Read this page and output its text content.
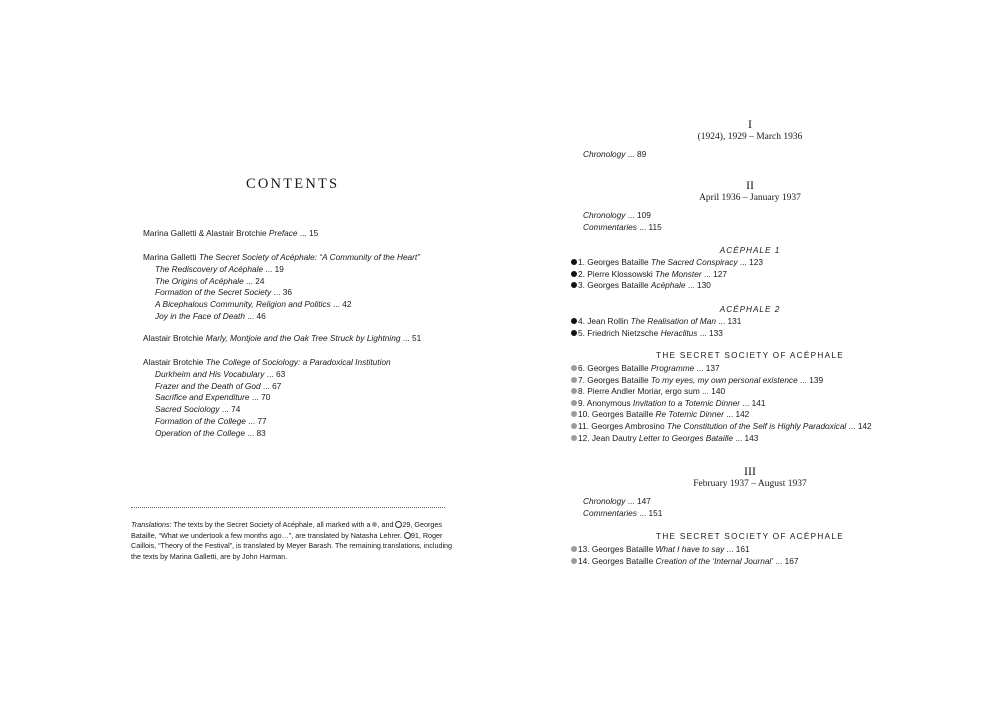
CONTENTS
Marina Galletti & Alastair Brotchie Preface ... 15
Marina Galletti The Secret Society of Acéphale: “A Community of the Heart”
The Rediscovery of Acéphale ... 19
The Origins of Acéphale ... 24
Formation of the Secret Society ... 36
A Bicephalous Community, Religion and Politics ... 42
Joy in the Face of Death ... 46
Alastair Brotchie Marly, Montjoie and the Oak Tree Struck by Lightning ... 51
Alastair Brotchie The College of Sociology: a Paradoxical Institution
Durkheim and His Vocabulary ... 63
Frazer and the Death of God ... 67
Sacrifice and Expenditure ... 70
Sacred Sociology ... 74
Formation of the College ... 77
Operation of the College ... 83
Translations: The texts by the Secret Society of Acéphale, all marked with a , and 29, Georges Bataille, “What we undertook a few months ago…”, are translated by Natasha Lehrer. 91, Roger Caillois, “Theory of the Festival”, is translated by Meyer Barash. The remaining translations, including the texts by Marina Galletti, are by John Harman.
I
(1924), 1929 – March 1936
Chronology ... 89
II
April 1936 – January 1937
Chronology ... 109
Commentaries ... 115
ACÉPHALE 1
1. Georges Bataille The Sacred Conspiracy ... 123
2. Pierre Klossowski The Monster ... 127
3. Georges Bataille Acéphale ... 130
ACÉPHALE 2
4. Jean Rollin The Realisation of Man ... 131
5. Friedrich Nietzsche Heraclitus ... 133
THE SECRET SOCIETY OF ACÉPHALE
6. Georges Bataille Programme ... 137
7. Georges Bataille To my eyes, my own personal existence ... 139
8. Pierre Andler Moriar, ergo sum ... 140
9. Anonymous Invitation to a Totemic Dinner ... 141
10. Georges Bataille Re Totemic Dinner ... 142
11. Georges Ambrosino The Constitution of the Self is Highly Paradoxical ... 142
12. Jean Dautry Letter to Georges Bataille ... 143
III
February 1937 – August 1937
Chronology ... 147
Commentaries ... 151
THE SECRET SOCIETY OF ACÉPHALE
13. Georges Bataille What I have to say ... 161
14. Georges Bataille Creation of the ‘Internal Journal’ ... 167
